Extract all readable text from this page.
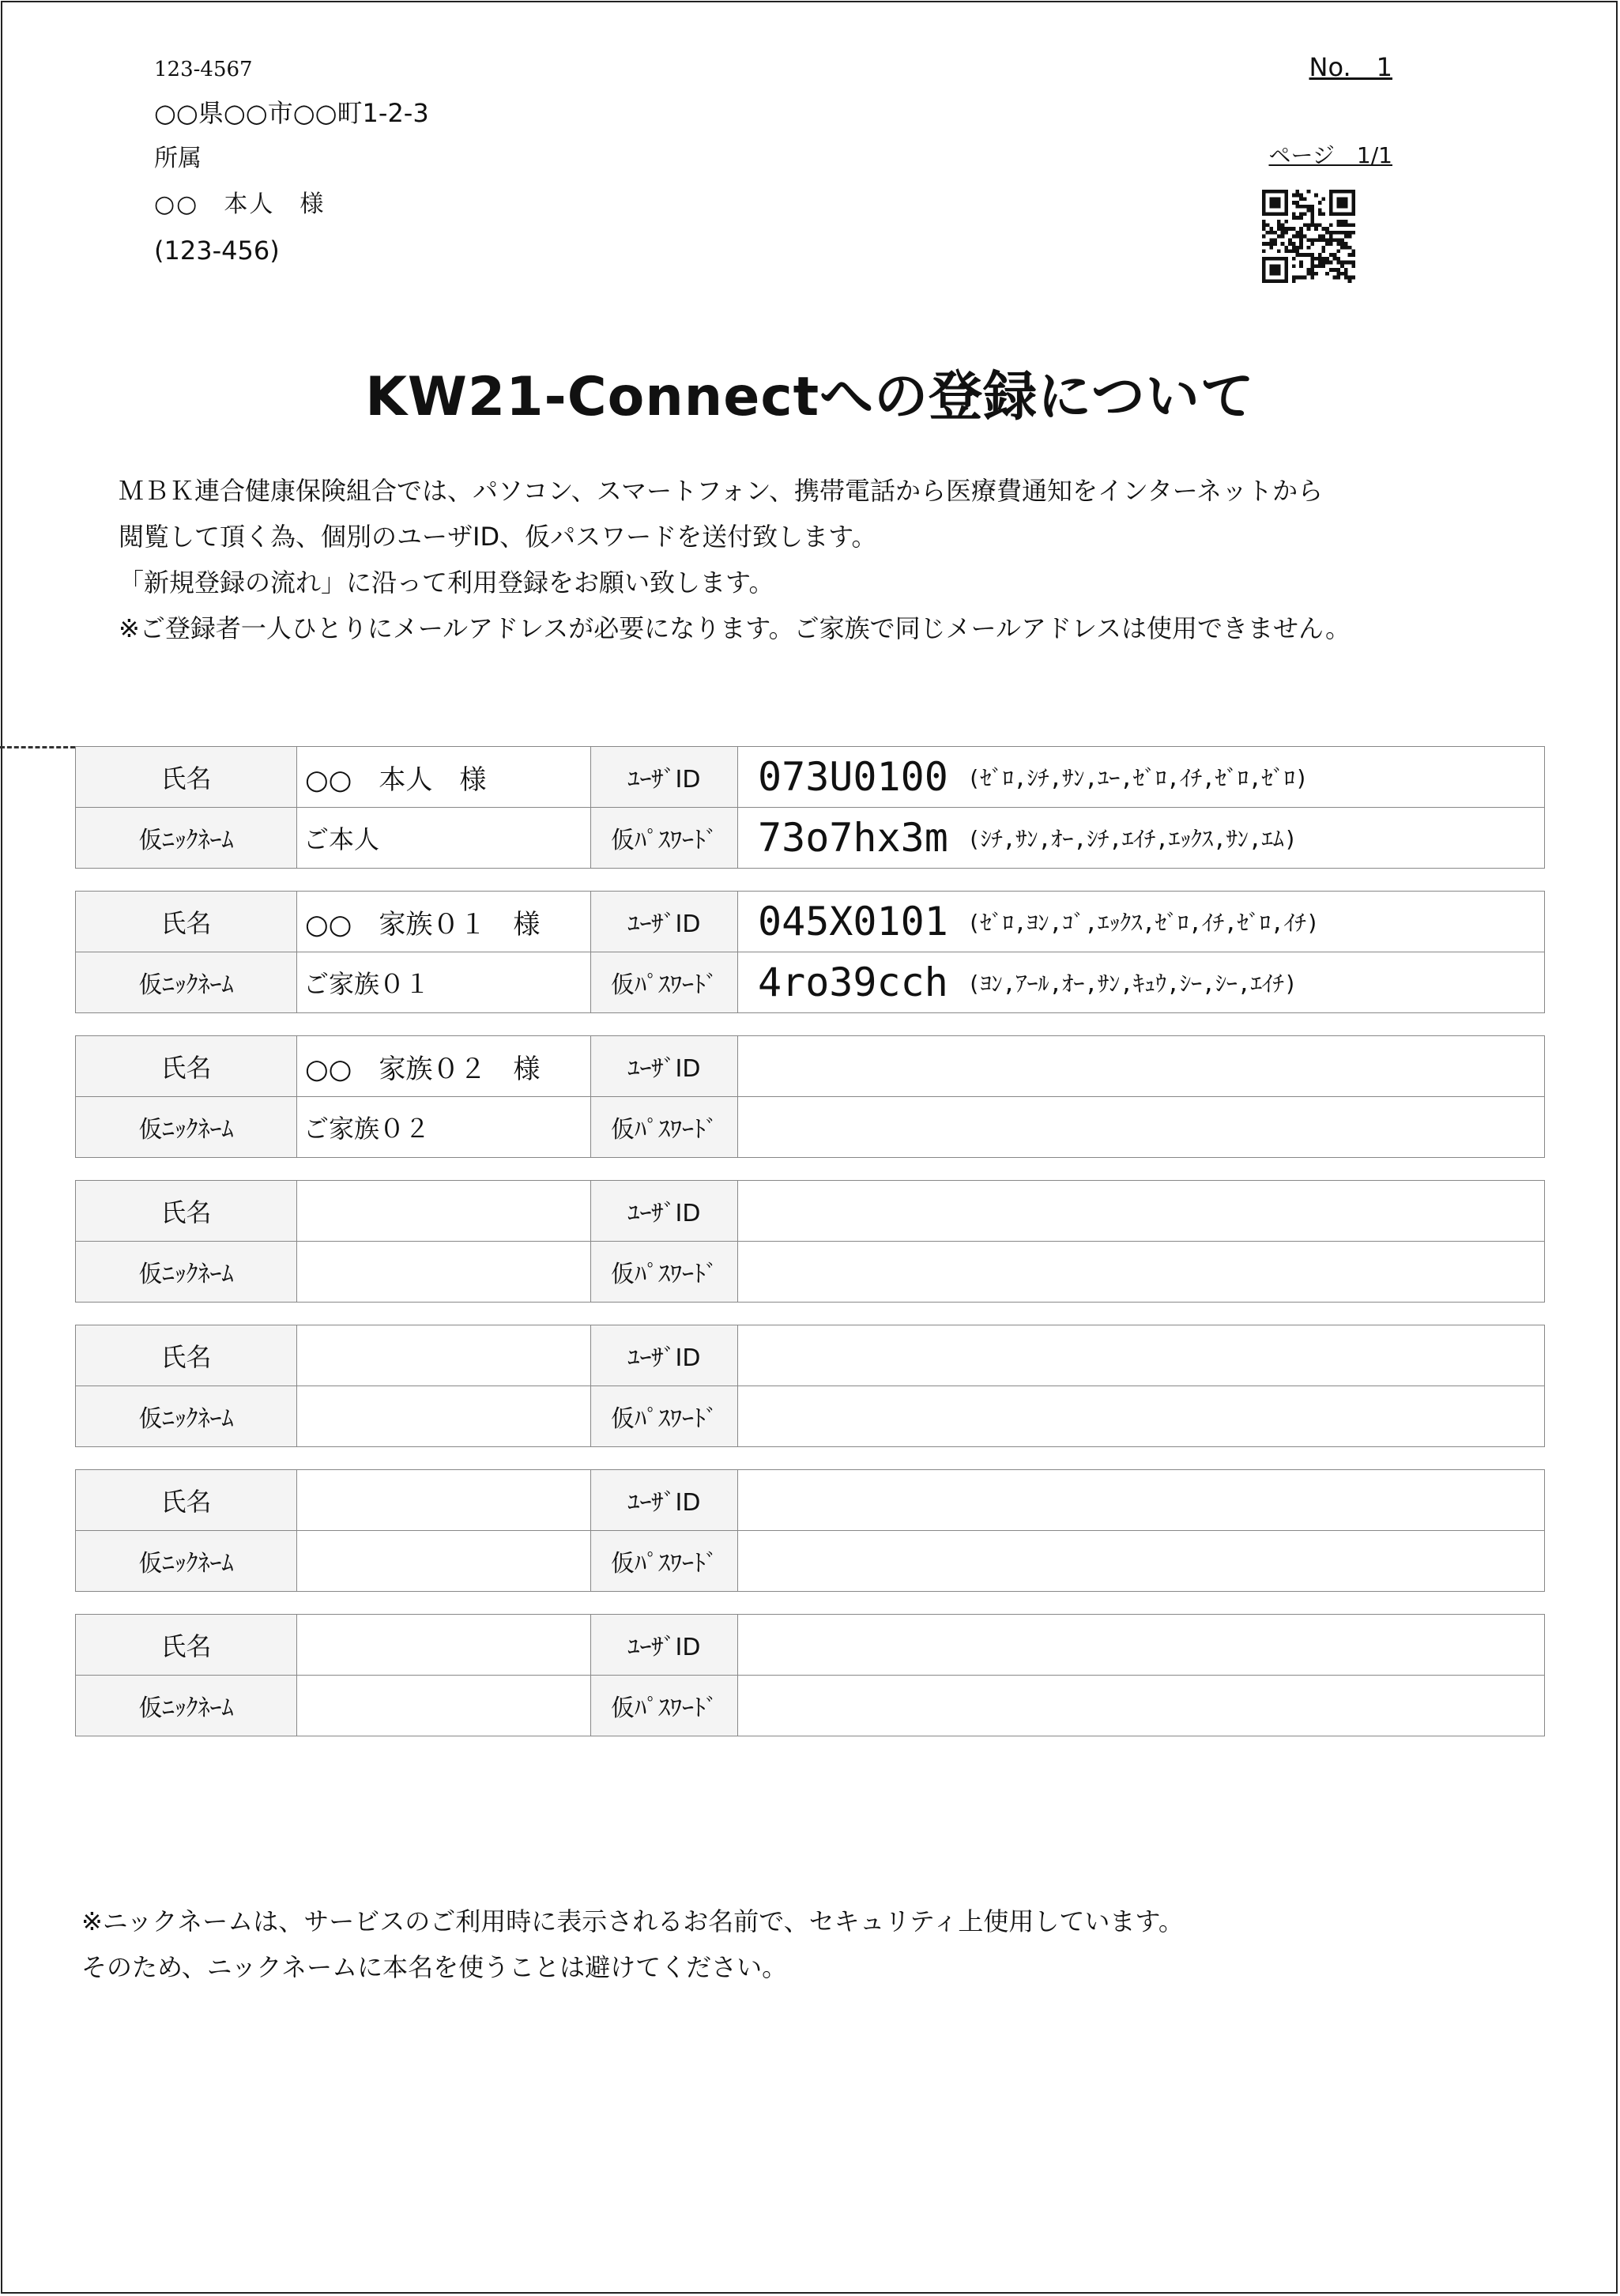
123-4567
○○県○○市○○町1-2-3
所属
○○　本人　様
(123-456)
No.　1
ページ　1/1
KW21-Connectへの登録について
ＭＢＫ連合健康保険組合では、パソコン、スマートフォン、携帯電話から医療費通知をインターネットから
閲覧して頂く為、個別のユーザID、仮パスワードを送付致します。
「新規登録の流れ」に沿って利用登録をお願い致します。
※ご登録者一人ひとりにメールアドレスが必要になります。ご家族で同じメールアドレスは使用できません。
氏名	○○　本人　様	ﾕｰｻﾞID	073U0100 (ｾﾞﾛ,ｼﾁ,ｻﾝ,ﾕｰ,ｾﾞﾛ,ｲﾁ,ｾﾞﾛ,ｾﾞﾛ)
仮ﾆｯｸﾈｰﾑ	ご本人	仮ﾊﾟｽﾜｰﾄﾞ	73o7hx3m (ｼﾁ,ｻﾝ,ｵｰ,ｼﾁ,ｴｲﾁ,ｴｯｸｽ,ｻﾝ,ｴﾑ)
氏名	○○　家族０１　様	ﾕｰｻﾞID	045X0101 (ｾﾞﾛ,ﾖﾝ,ｺﾞ,ｴｯｸｽ,ｾﾞﾛ,ｲﾁ,ｾﾞﾛ,ｲﾁ)
仮ﾆｯｸﾈｰﾑ	ご家族０１	仮ﾊﾟｽﾜｰﾄﾞ	4ro39cch (ﾖﾝ,ｱｰﾙ,ｵｰ,ｻﾝ,ｷｭｳ,ｼｰ,ｼｰ,ｴｲﾁ)
氏名	○○　家族０２　様	ﾕｰｻﾞID	
仮ﾆｯｸﾈｰﾑ	ご家族０２	仮ﾊﾟｽﾜｰﾄﾞ	
氏名		ﾕｰｻﾞID	
仮ﾆｯｸﾈｰﾑ		仮ﾊﾟｽﾜｰﾄﾞ	
氏名		ﾕｰｻﾞID	
仮ﾆｯｸﾈｰﾑ		仮ﾊﾟｽﾜｰﾄﾞ	
氏名		ﾕｰｻﾞID	
仮ﾆｯｸﾈｰﾑ		仮ﾊﾟｽﾜｰﾄﾞ	
氏名		ﾕｰｻﾞID	
仮ﾆｯｸﾈｰﾑ		仮ﾊﾟｽﾜｰﾄﾞ	
※ニックネームは、サービスのご利用時に表示されるお名前で、セキュリティ上使用しています。
そのため、ニックネームに本名を使うことは避けてください。
